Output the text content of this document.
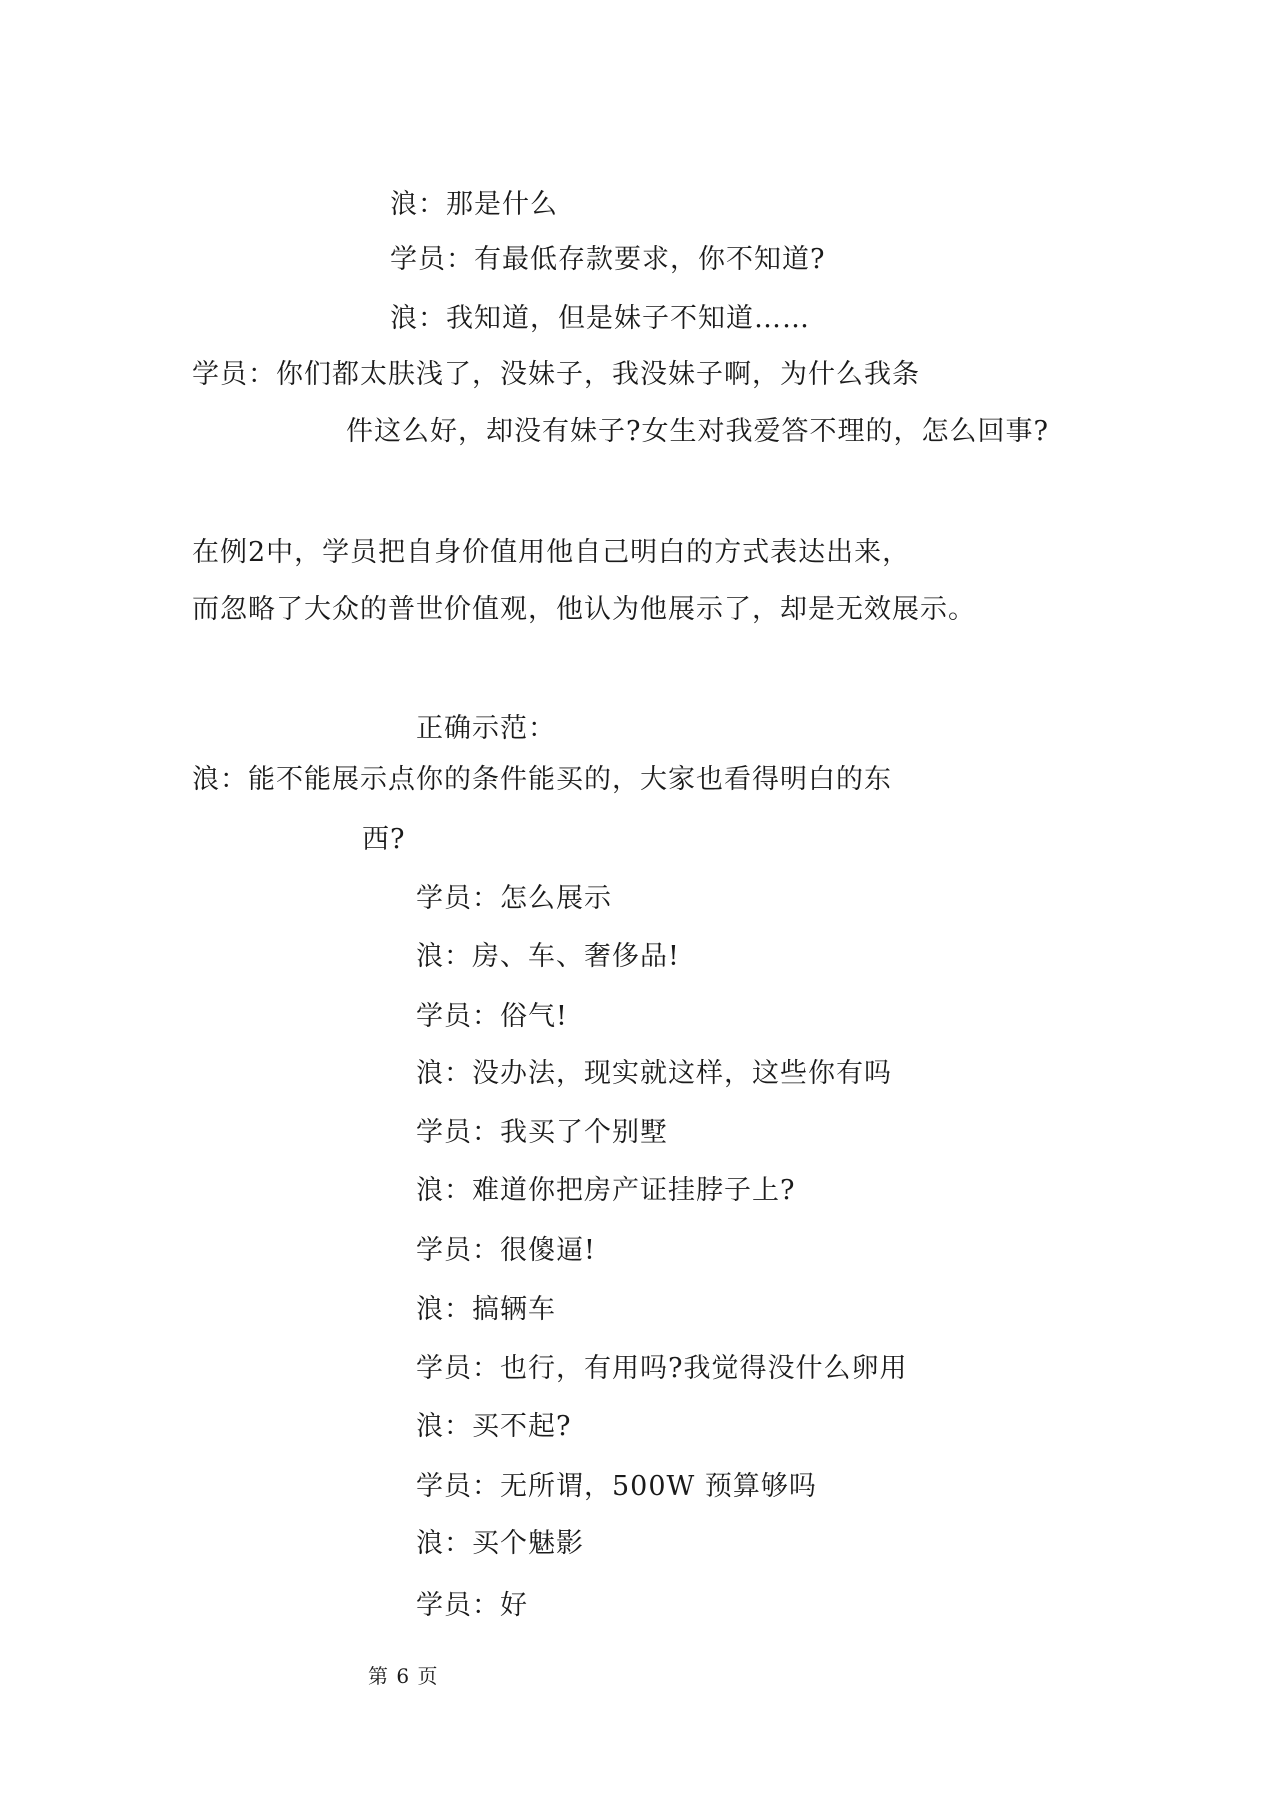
浪：那是什么
学员：有最低存款要求，你不知道?
浪：我知道，但是妹子不知道……
学员：你们都太肤浅了，没妹子，我没妹子啊，为什么我条
件这么好，却没有妹子?女生对我爱答不理的，怎么回事?
在例2中，学员把自身价值用他自己明白的方式表达出来，
而忽略了大众的普世价值观，他认为他展示了，却是无效展示。
正确示范：
浪：能不能展示点你的条件能买的，大家也看得明白的东
西?
学员：怎么展示
浪：房、车、奢侈品!
学员：俗气!
浪：没办法，现实就这样，这些你有吗
学员：我买了个别墅
浪：难道你把房产证挂脖子上?
学员：很傻逼!
浪：搞辆车
学员：也行，有用吗?我觉得没什么卵用
浪：买不起?
学员：无所谓，500W 预算够吗
浪：买个魅影
学员：好
第 6 页
